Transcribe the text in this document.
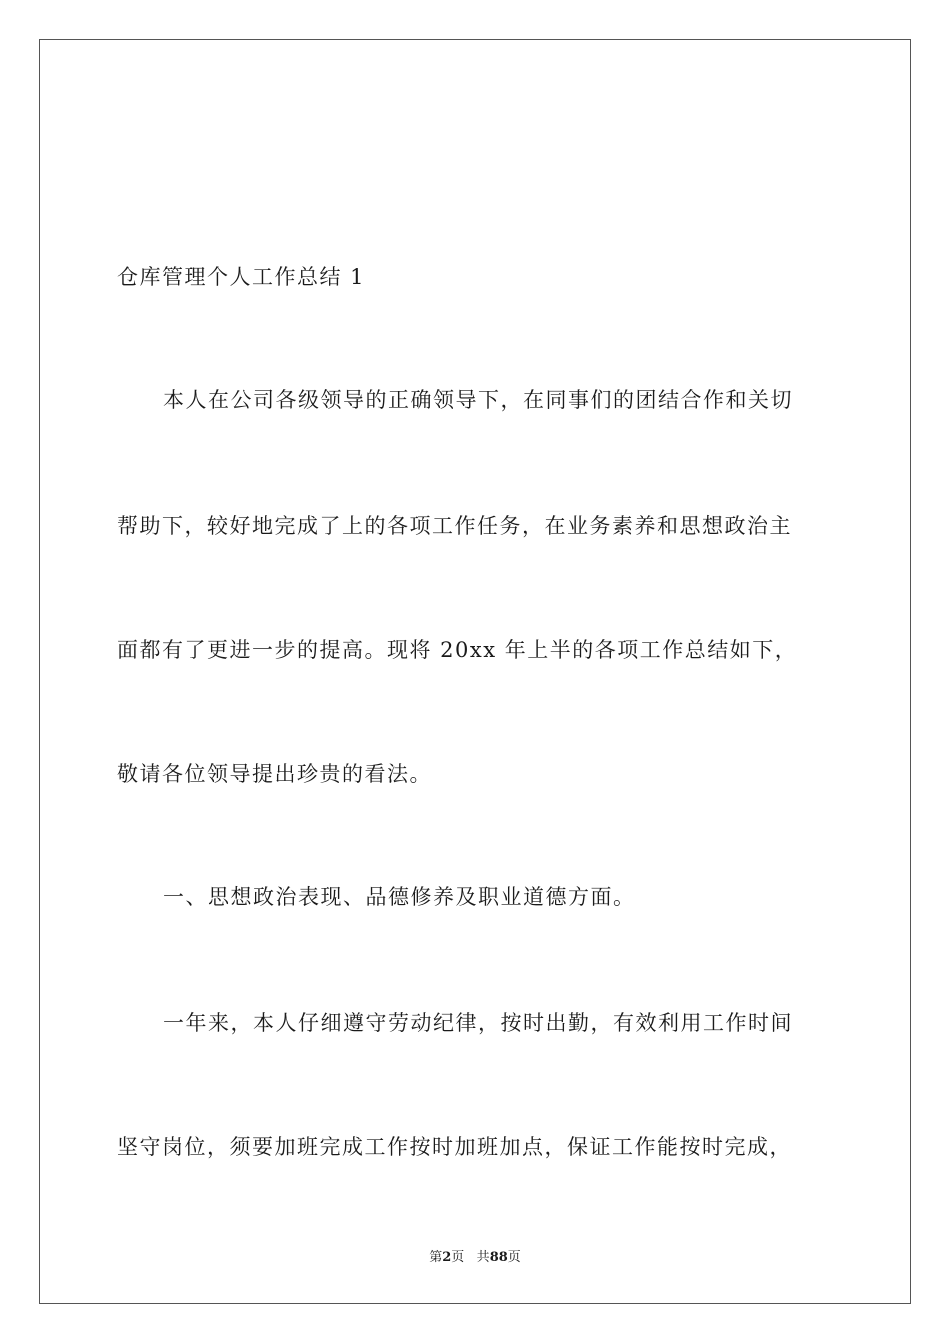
仓库管理个人工作总结 1
本人在公司各级领导的正确领导下，在同事们的团结合作和关切
帮助下，较好地完成了上的各项工作任务，在业务素养和思想政治主
面都有了更进一步的提高。现将 20xx 年上半的各项工作总结如下，
敬请各位领导提出珍贵的看法。
一、思想政治表现、品德修养及职业道德方面。
一年来，本人仔细遵守劳动纪律，按时出勤，有效利用工作时间
坚守岗位，须要加班完成工作按时加班加点，保证工作能按时完成，
第2页 共88页
